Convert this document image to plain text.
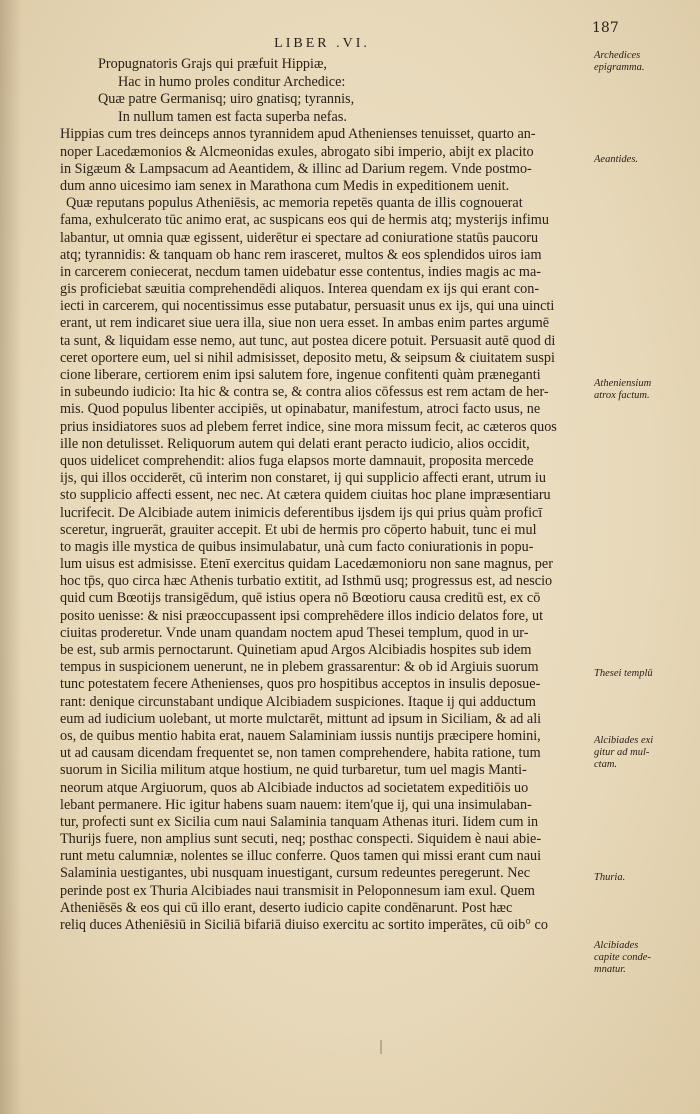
LIBER .VI.
187
Propugnatoris Grajs qui præfuit Hippiæ,
Hac in humo proles conditur Archedice:
Quæ patre Germanisq; uiro gnatisq; tyrannis,
In nullum tamen est facta superba nefas.
Hippias cum tres deinceps annos tyrannidem apud Athenienses tenuisset, quarto an-
noper Lacedæmonios & Alcmeonidas exules, abrogato sibi imperio, abijt ex placito
in Sigæum & Lampsacum ad Aeantidem, & illinc ad Darium regem. Vnde postmo-
dum anno uicesimo iam senex in Marathona cum Medis in expeditionem uenit.
Quæ reputans populus Atheniēsis, ac memoria repetēs quanta de illis cognouerat
fama, exhulcerato tūc animo erat, ac suspicans eos qui de hermis atq; mysterijs infimu
labantur, ut omnia quæ egissent, uiderētur ei spectare ad coniuratione statūs paucoru
atq; tyrannidis: & tanquam ob hanc rem irasceret, multos & eos splendidos uiros iam
in carcerem coniecerat, necdum tamen uidebatur esse contentus, indies magis ac ma-
gis proficiebat sæuitia comprehendēdi aliquos. Interea quendam ex ijs qui erant con-
iecti in carcerem, qui nocentissimus esse putabatur, persuasit unus ex ijs, qui una uincti
erant, ut rem indicaret siue uera illa, siue non uera esset. In ambas enim partes argumē
ta sunt, & liquidam esse nemo, aut tunc, aut postea dicere potuit. Persuasit autē quod di
ceret oportere eum, uel si nihil admisisset, deposito metu, & seipsum & ciuitatem suspi
cione liberare, certiorem enim ipsi salutem fore, ingenue confitenti quàm præneganti
in subeundo iudicio: Ita hic & contra se, & contra alios cōfessus est rem actam de her-
mis. Quod populus libenter accipiēs, ut opinabatur, manifestum, atroci facto usus, ne
prius insidiatores suos ad plebem ferret indice, sine mora missum fecit, ac cæteros quos
ille non detulisset. Reliquorum autem qui delati erant peracto iudicio, alios occidit,
quos uidelicet comprehendit: alios fuga elapsos morte damnauit, proposita mercede
ijs, qui illos occiderēt, cū interim non constaret, ij qui supplicio affecti erant, utrum iu
sto supplicio affecti essent, nec nec. At cætera quidem ciuitas hoc plane impræsentiaru
lucrifecit. De Alcibiade autem inimicis deferentibus ijsdem ijs qui prius quàm proficī
sceretur, ingruerāt, grauiter accepit. Et ubi de hermis pro cōperto habuit, tunc ei mul
to magis ille mystica de quibus insimulabatur, unà cum facto coniurationis in popu-
lum uisus est admisisse. Etenī exercitus quidam Lacedæmonioru non sane magnus, per
hoc tp̄s, quo circa hæc Athenis turbatio extitit, ad Isthmū usq; progressus est, ad nescio
quid cum Bœotijs transigēdum, quē istius opera nō Bœotioru causa creditū est, ex cō
posito uenisse: & nisi præoccupassent ipsi comprehēdere illos indicio delatos fore, ut
ciuitas proderetur. Vnde unam quandam noctem apud Thesei templum, quod in ur-
be est, sub armis pernoctarunt. Quinetiam apud Argos Alcibiadis hospites sub idem
tempus in suspicionem uenerunt, ne in plebem grassarentur: & ob id Argiuis suorum
tunc potestatem fecere Athenienses, quos pro hospitibus acceptos in insulis deposue-
rant: denique circunstabant undique Alcibiadem suspiciones. Itaque ij qui adductum
eum ad iudicium uolebant, ut morte mulctarēt, mittunt ad ipsum in Siciliam, & ad ali
os, de quibus mentio habita erat, nauem Salaminiam iussis nuntijs præcipere homini,
ut ad causam dicendam frequentet se, non tamen comprehendere, habita ratione, tum
suorum in Sicilia militum atque hostium, ne quid turbaretur, tum uel magis Manti-
neorum atque Argiuorum, quos ab Alcibiade inductos ad societatem expeditiōis uo
lebant permanere. Hic igitur habens suam nauem: item'que ij, qui una insimulaban-
tur, profecti sunt ex Sicilia cum naui Salaminia tanquam Athenas ituri. Iidem cum in
Thurijs fuere, non amplius sunt secuti, neq; posthac conspecti. Siquidem è naui abie-
runt metu calumniæ, nolentes se illuc conferre. Quos tamen qui missi erant cum naui
Salaminia uestigantes, ubi nusquam inuestigant, cursum redeuntes peregerunt. Nec
perinde post ex Thuria Alcibiades naui transmisit in Peloponnesum iam exul. Quem
Atheniēsēs & eos qui cū illo erant, deserto iudicio capite condēnarunt. Post hæc
reliq duces Atheniēsiū in Siciliā bifariā diuiso exercitu ac sortito imperātes, cū oib° co
Archedices
epigramma.
Aeantides.
Atheniensium
atrox factum.
Thesei templū
Alcibiades exi
gitur ad mul-
ctam.
Thuria.
Alcibiades
capite conde-
mnatur.
